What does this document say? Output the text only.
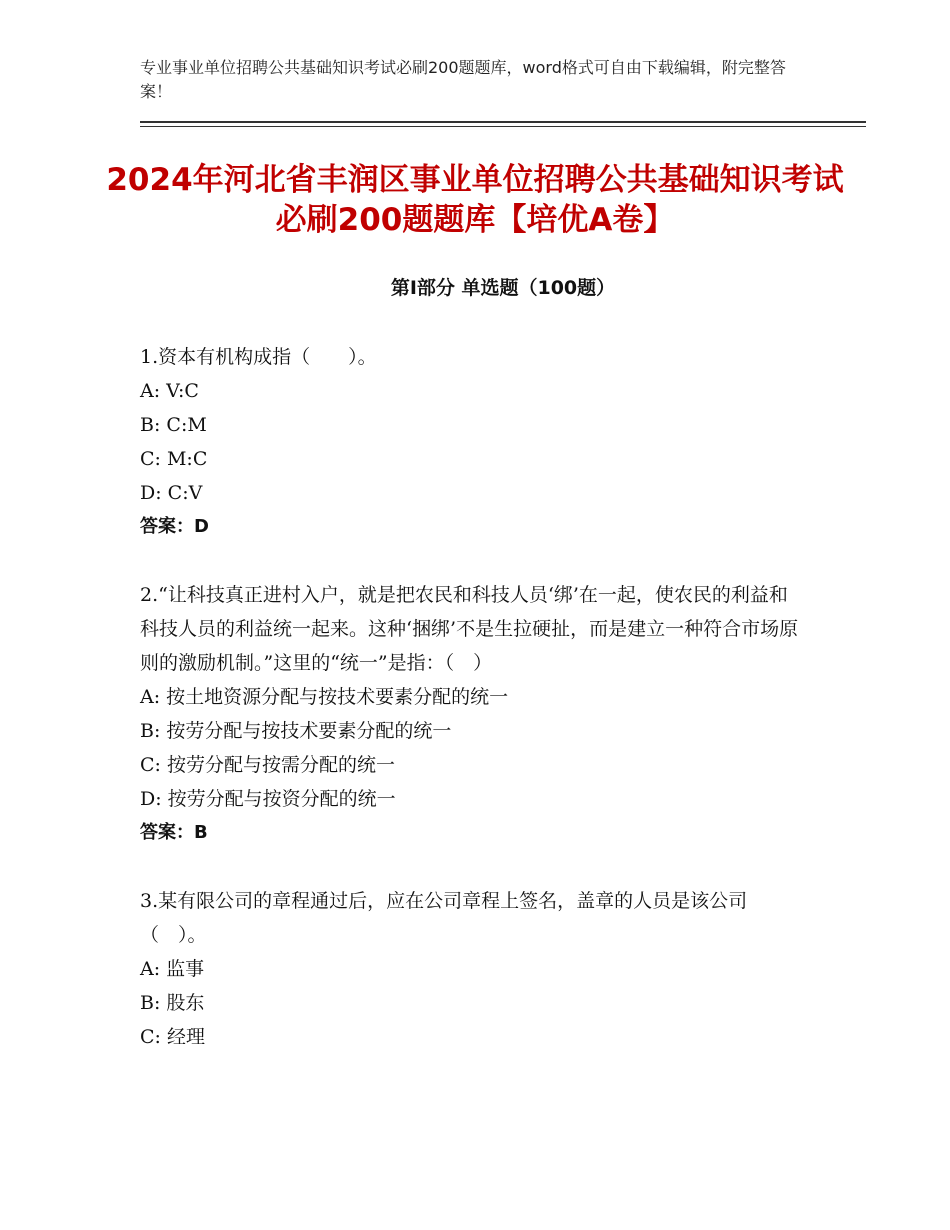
专业事业单位招聘公共基础知识考试必刷200题题库，word格式可自由下载编辑，附完整答案！
2024年河北省丰润区事业单位招聘公共基础知识考试必刷200题题库【培优A卷】
第Ⅰ部分 单选题（100题）
1.资本有机构成指（　　）。
A: V:C
B: C:M
C: M:C
D: C:V
答案：D
2.“让科技真正进村入户，就是把农民和科技人员‘绑’在一起，使农民的利益和科技人员的利益统一起来。这种‘捆绑’不是生拉硬扯，而是建立一种符合市场原则的激励机制。”这里的“统一”是指：（　）
A: 按土地资源分配与按技术要素分配的统一
B: 按劳分配与按技术要素分配的统一
C: 按劳分配与按需分配的统一
D: 按劳分配与按资分配的统一
答案：B
3.某有限公司的章程通过后，应在公司章程上签名，盖章的人员是该公司（　）。
A: 监事
B: 股东
C: 经理
